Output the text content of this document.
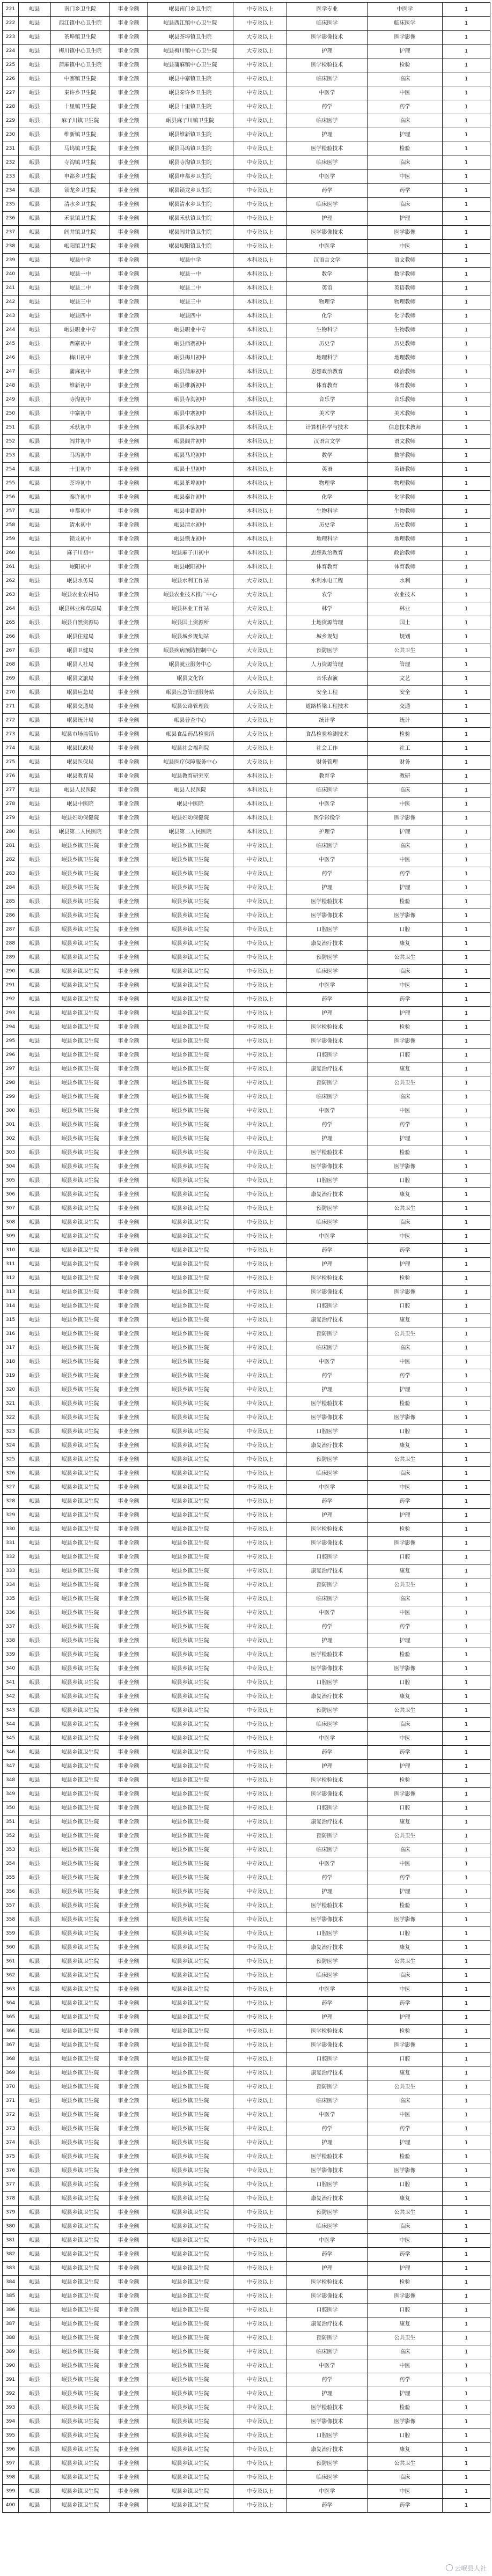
221	岷县	南门乡卫生院	事业全额	岷县南门乡卫生院	中专及以上	医学专业	中医学	1
222	岷县	西江镇中心卫生院	事业全额	岷县西江镇中心卫生院	中专及以上	临床医学	临床医学	1
223	岷县	茶埠镇卫生院	事业全额	岷县茶埠镇卫生院	大专及以上	医学影像技术	医学影像	1
224	岷县	梅川镇中心卫生院	事业全额	岷县梅川镇中心卫生院	大专及以上	护理	护理	1
225	岷县	蒲麻镇中心卫生院	事业全额	岷县蒲麻镇中心卫生院	中专及以上	医学检验技术	检验	1
226	岷县	中寨镇卫生院	事业全额	岷县中寨镇卫生院	中专及以上	临床医学	临床	1
227	岷县	秦许乡卫生院	事业全额	岷县秦许乡卫生院	中专及以上	中医学	中医	1
228	岷县	十里镇卫生院	事业全额	岷县十里镇卫生院	中专及以上	药学	药学	1
229	岷县	麻子川镇卫生院	事业全额	岷县麻子川镇卫生院	中专及以上	临床医学	临床	1
230	岷县	维新镇卫生院	事业全额	岷县维新镇卫生院	中专及以上	护理	护理	1
231	岷县	马坞镇卫生院	事业全额	岷县马坞镇卫生院	中专及以上	医学检验技术	检验	1
232	岷县	寺沟镇卫生院	事业全额	岷县寺沟镇卫生院	中专及以上	临床医学	临床	1
233	岷县	申都乡卫生院	事业全额	岷县申都乡卫生院	中专及以上	中医学	中医	1
234	岷县	锁龙乡卫生院	事业全额	岷县锁龙乡卫生院	中专及以上	药学	药学	1
235	岷县	清水乡卫生院	事业全额	岷县清水乡卫生院	中专及以上	临床医学	临床	1
236	岷县	禾驮镇卫生院	事业全额	岷县禾驮镇卫生院	中专及以上	护理	护理	1
237	岷县	闾井镇卫生院	事业全额	岷县闾井镇卫生院	中专及以上	医学影像技术	医学影像	1
238	岷县	岷阳镇卫生院	事业全额	岷县岷阳镇卫生院	中专及以上	中医学	中医	1
239	岷县	岷县中学	事业全额	岷县中学	本科及以上	汉语言文学	语文教师	1
240	岷县	岷县一中	事业全额	岷县一中	本科及以上	数学	数学教师	1
241	岷县	岷县二中	事业全额	岷县二中	本科及以上	英语	英语教师	1
242	岷县	岷县三中	事业全额	岷县三中	本科及以上	物理学	物理教师	1
243	岷县	岷县四中	事业全额	岷县四中	本科及以上	化学	化学教师	1
244	岷县	岷县职业中专	事业全额	岷县职业中专	本科及以上	生物科学	生物教师	1
245	岷县	西寨初中	事业全额	岷县西寨初中	本科及以上	历史学	历史教师	1
246	岷县	梅川初中	事业全额	岷县梅川初中	本科及以上	地理科学	地理教师	1
247	岷县	蒲麻初中	事业全额	岷县蒲麻初中	本科及以上	思想政治教育	政治教师	1
248	岷县	维新初中	事业全额	岷县维新初中	本科及以上	体育教育	体育教师	1
249	岷县	寺沟初中	事业全额	岷县寺沟初中	本科及以上	音乐学	音乐教师	1
250	岷县	中寨初中	事业全额	岷县中寨初中	本科及以上	美术学	美术教师	1
251	岷县	禾驮初中	事业全额	岷县禾驮初中	本科及以上	计算机科学与技术	信息技术教师	1
252	岷县	闾井初中	事业全额	岷县闾井初中	本科及以上	汉语言文学	语文教师	1
253	岷县	马坞初中	事业全额	岷县马坞初中	本科及以上	数学	数学教师	1
254	岷县	十里初中	事业全额	岷县十里初中	本科及以上	英语	英语教师	1
255	岷县	茶埠初中	事业全额	岷县茶埠初中	本科及以上	物理学	物理教师	1
256	岷县	秦许初中	事业全额	岷县秦许初中	本科及以上	化学	化学教师	1
257	岷县	申都初中	事业全额	岷县申都初中	本科及以上	生物科学	生物教师	1
258	岷县	清水初中	事业全额	岷县清水初中	本科及以上	历史学	历史教师	1
259	岷县	锁龙初中	事业全额	岷县锁龙初中	本科及以上	地理科学	地理教师	1
260	岷县	麻子川初中	事业全额	岷县麻子川初中	本科及以上	思想政治教育	政治教师	1
261	岷县	岷阳初中	事业全额	岷县岷阳初中	本科及以上	体育教育	体育教师	1
262	岷县	岷县水务局	事业全额	岷县水利工作站	大专及以上	水利水电工程	水利	1
263	岷县	岷县农业农村局	事业全额	岷县农业技术推广中心	大专及以上	农学	农业技术	1
264	岷县	岷县林业和草原局	事业全额	岷县林业工作站	大专及以上	林学	林业	1
265	岷县	岷县自然资源局	事业全额	岷县国土资源所	大专及以上	土地资源管理	国土	1
266	岷县	岷县住建局	事业全额	岷县城乡规划站	大专及以上	城乡规划	规划	1
267	岷县	岷县卫健局	事业全额	岷县疾病预防控制中心	大专及以上	预防医学	公共卫生	1
268	岷县	岷县人社局	事业全额	岷县就业服务中心	大专及以上	人力资源管理	管理	1
269	岷县	岷县文旅局	事业全额	岷县文化馆	大专及以上	音乐表演	文艺	1
270	岷县	岷县应急局	事业全额	岷县应急管理服务站	大专及以上	安全工程	安全	1
271	岷县	岷县交通局	事业全额	岷县公路管理段	大专及以上	道路桥梁工程技术	交通	1
272	岷县	岷县统计局	事业全额	岷县普查中心	大专及以上	统计学	统计	1
273	岷县	岷县市场监管局	事业全额	岷县食品药品检验所	大专及以上	食品检验检测技术	检验	1
274	岷县	岷县民政局	事业全额	岷县社会福利院	大专及以上	社会工作	社工	1
275	岷县	岷县医保局	事业全额	岷县医疗保障服务中心	大专及以上	财务管理	财务	1
276	岷县	岷县教育局	事业全额	岷县教育研究室	本科及以上	教育学	教研	1
277	岷县	岷县人民医院	事业全额	岷县人民医院	本科及以上	临床医学	临床	1
278	岷县	岷县中医院	事业全额	岷县中医院	本科及以上	中医学	中医	1
279	岷县	岷县妇幼保健院	事业全额	岷县妇幼保健院	本科及以上	医学影像学	医学影像	1
280	岷县	岷县第二人民医院	事业全额	岷县第二人民医院	本科及以上	护理学	护理	1
281	岷县	岷县乡镇卫生院	事业全额	岷县乡镇卫生院	中专及以上	临床医学	临床	1
282	岷县	岷县乡镇卫生院	事业全额	岷县乡镇卫生院	中专及以上	中医学	中医	1
283	岷县	岷县乡镇卫生院	事业全额	岷县乡镇卫生院	中专及以上	药学	药学	1
284	岷县	岷县乡镇卫生院	事业全额	岷县乡镇卫生院	中专及以上	护理	护理	1
285	岷县	岷县乡镇卫生院	事业全额	岷县乡镇卫生院	中专及以上	医学检验技术	检验	1
286	岷县	岷县乡镇卫生院	事业全额	岷县乡镇卫生院	中专及以上	医学影像技术	医学影像	1
287	岷县	岷县乡镇卫生院	事业全额	岷县乡镇卫生院	中专及以上	口腔医学	口腔	1
288	岷县	岷县乡镇卫生院	事业全额	岷县乡镇卫生院	中专及以上	康复治疗技术	康复	1
289	岷县	岷县乡镇卫生院	事业全额	岷县乡镇卫生院	中专及以上	预防医学	公共卫生	1
290	岷县	岷县乡镇卫生院	事业全额	岷县乡镇卫生院	中专及以上	临床医学	临床	1
291	岷县	岷县乡镇卫生院	事业全额	岷县乡镇卫生院	中专及以上	中医学	中医	1
292	岷县	岷县乡镇卫生院	事业全额	岷县乡镇卫生院	中专及以上	药学	药学	1
293	岷县	岷县乡镇卫生院	事业全额	岷县乡镇卫生院	中专及以上	护理	护理	1
294	岷县	岷县乡镇卫生院	事业全额	岷县乡镇卫生院	中专及以上	医学检验技术	检验	1
295	岷县	岷县乡镇卫生院	事业全额	岷县乡镇卫生院	中专及以上	医学影像技术	医学影像	1
296	岷县	岷县乡镇卫生院	事业全额	岷县乡镇卫生院	中专及以上	口腔医学	口腔	1
297	岷县	岷县乡镇卫生院	事业全额	岷县乡镇卫生院	中专及以上	康复治疗技术	康复	1
298	岷县	岷县乡镇卫生院	事业全额	岷县乡镇卫生院	中专及以上	预防医学	公共卫生	1
299	岷县	岷县乡镇卫生院	事业全额	岷县乡镇卫生院	中专及以上	临床医学	临床	1
300	岷县	岷县乡镇卫生院	事业全额	岷县乡镇卫生院	中专及以上	中医学	中医	1
301	岷县	岷县乡镇卫生院	事业全额	岷县乡镇卫生院	中专及以上	药学	药学	1
302	岷县	岷县乡镇卫生院	事业全额	岷县乡镇卫生院	中专及以上	护理	护理	1
303	岷县	岷县乡镇卫生院	事业全额	岷县乡镇卫生院	中专及以上	医学检验技术	检验	1
304	岷县	岷县乡镇卫生院	事业全额	岷县乡镇卫生院	中专及以上	医学影像技术	医学影像	1
305	岷县	岷县乡镇卫生院	事业全额	岷县乡镇卫生院	中专及以上	口腔医学	口腔	1
306	岷县	岷县乡镇卫生院	事业全额	岷县乡镇卫生院	中专及以上	康复治疗技术	康复	1
307	岷县	岷县乡镇卫生院	事业全额	岷县乡镇卫生院	中专及以上	预防医学	公共卫生	1
308	岷县	岷县乡镇卫生院	事业全额	岷县乡镇卫生院	中专及以上	临床医学	临床	1
309	岷县	岷县乡镇卫生院	事业全额	岷县乡镇卫生院	中专及以上	中医学	中医	1
310	岷县	岷县乡镇卫生院	事业全额	岷县乡镇卫生院	中专及以上	药学	药学	1
311	岷县	岷县乡镇卫生院	事业全额	岷县乡镇卫生院	中专及以上	护理	护理	1
312	岷县	岷县乡镇卫生院	事业全额	岷县乡镇卫生院	中专及以上	医学检验技术	检验	1
313	岷县	岷县乡镇卫生院	事业全额	岷县乡镇卫生院	中专及以上	医学影像技术	医学影像	1
314	岷县	岷县乡镇卫生院	事业全额	岷县乡镇卫生院	中专及以上	口腔医学	口腔	1
315	岷县	岷县乡镇卫生院	事业全额	岷县乡镇卫生院	中专及以上	康复治疗技术	康复	1
316	岷县	岷县乡镇卫生院	事业全额	岷县乡镇卫生院	中专及以上	预防医学	公共卫生	1
317	岷县	岷县乡镇卫生院	事业全额	岷县乡镇卫生院	中专及以上	临床医学	临床	1
318	岷县	岷县乡镇卫生院	事业全额	岷县乡镇卫生院	中专及以上	中医学	中医	1
319	岷县	岷县乡镇卫生院	事业全额	岷县乡镇卫生院	中专及以上	药学	药学	1
320	岷县	岷县乡镇卫生院	事业全额	岷县乡镇卫生院	中专及以上	护理	护理	1
321	岷县	岷县乡镇卫生院	事业全额	岷县乡镇卫生院	中专及以上	医学检验技术	检验	1
322	岷县	岷县乡镇卫生院	事业全额	岷县乡镇卫生院	中专及以上	医学影像技术	医学影像	1
323	岷县	岷县乡镇卫生院	事业全额	岷县乡镇卫生院	中专及以上	口腔医学	口腔	1
324	岷县	岷县乡镇卫生院	事业全额	岷县乡镇卫生院	中专及以上	康复治疗技术	康复	1
325	岷县	岷县乡镇卫生院	事业全额	岷县乡镇卫生院	中专及以上	预防医学	公共卫生	1
326	岷县	岷县乡镇卫生院	事业全额	岷县乡镇卫生院	中专及以上	临床医学	临床	1
327	岷县	岷县乡镇卫生院	事业全额	岷县乡镇卫生院	中专及以上	中医学	中医	1
328	岷县	岷县乡镇卫生院	事业全额	岷县乡镇卫生院	中专及以上	药学	药学	1
329	岷县	岷县乡镇卫生院	事业全额	岷县乡镇卫生院	中专及以上	护理	护理	1
330	岷县	岷县乡镇卫生院	事业全额	岷县乡镇卫生院	中专及以上	医学检验技术	检验	1
331	岷县	岷县乡镇卫生院	事业全额	岷县乡镇卫生院	中专及以上	医学影像技术	医学影像	1
332	岷县	岷县乡镇卫生院	事业全额	岷县乡镇卫生院	中专及以上	口腔医学	口腔	1
333	岷县	岷县乡镇卫生院	事业全额	岷县乡镇卫生院	中专及以上	康复治疗技术	康复	1
334	岷县	岷县乡镇卫生院	事业全额	岷县乡镇卫生院	中专及以上	预防医学	公共卫生	1
335	岷县	岷县乡镇卫生院	事业全额	岷县乡镇卫生院	中专及以上	临床医学	临床	1
336	岷县	岷县乡镇卫生院	事业全额	岷县乡镇卫生院	中专及以上	中医学	中医	1
337	岷县	岷县乡镇卫生院	事业全额	岷县乡镇卫生院	中专及以上	药学	药学	1
338	岷县	岷县乡镇卫生院	事业全额	岷县乡镇卫生院	中专及以上	护理	护理	1
339	岷县	岷县乡镇卫生院	事业全额	岷县乡镇卫生院	中专及以上	医学检验技术	检验	1
340	岷县	岷县乡镇卫生院	事业全额	岷县乡镇卫生院	中专及以上	医学影像技术	医学影像	1
341	岷县	岷县乡镇卫生院	事业全额	岷县乡镇卫生院	中专及以上	口腔医学	口腔	1
342	岷县	岷县乡镇卫生院	事业全额	岷县乡镇卫生院	中专及以上	康复治疗技术	康复	1
343	岷县	岷县乡镇卫生院	事业全额	岷县乡镇卫生院	中专及以上	预防医学	公共卫生	1
344	岷县	岷县乡镇卫生院	事业全额	岷县乡镇卫生院	中专及以上	临床医学	临床	1
345	岷县	岷县乡镇卫生院	事业全额	岷县乡镇卫生院	中专及以上	中医学	中医	1
346	岷县	岷县乡镇卫生院	事业全额	岷县乡镇卫生院	中专及以上	药学	药学	1
347	岷县	岷县乡镇卫生院	事业全额	岷县乡镇卫生院	中专及以上	护理	护理	1
348	岷县	岷县乡镇卫生院	事业全额	岷县乡镇卫生院	中专及以上	医学检验技术	检验	1
349	岷县	岷县乡镇卫生院	事业全额	岷县乡镇卫生院	中专及以上	医学影像技术	医学影像	1
350	岷县	岷县乡镇卫生院	事业全额	岷县乡镇卫生院	中专及以上	口腔医学	口腔	1
351	岷县	岷县乡镇卫生院	事业全额	岷县乡镇卫生院	中专及以上	康复治疗技术	康复	1
352	岷县	岷县乡镇卫生院	事业全额	岷县乡镇卫生院	中专及以上	预防医学	公共卫生	1
353	岷县	岷县乡镇卫生院	事业全额	岷县乡镇卫生院	中专及以上	临床医学	临床	1
354	岷县	岷县乡镇卫生院	事业全额	岷县乡镇卫生院	中专及以上	中医学	中医	1
355	岷县	岷县乡镇卫生院	事业全额	岷县乡镇卫生院	中专及以上	药学	药学	1
356	岷县	岷县乡镇卫生院	事业全额	岷县乡镇卫生院	中专及以上	护理	护理	1
357	岷县	岷县乡镇卫生院	事业全额	岷县乡镇卫生院	中专及以上	医学检验技术	检验	1
358	岷县	岷县乡镇卫生院	事业全额	岷县乡镇卫生院	中专及以上	医学影像技术	医学影像	1
359	岷县	岷县乡镇卫生院	事业全额	岷县乡镇卫生院	中专及以上	口腔医学	口腔	1
360	岷县	岷县乡镇卫生院	事业全额	岷县乡镇卫生院	中专及以上	康复治疗技术	康复	1
361	岷县	岷县乡镇卫生院	事业全额	岷县乡镇卫生院	中专及以上	预防医学	公共卫生	1
362	岷县	岷县乡镇卫生院	事业全额	岷县乡镇卫生院	中专及以上	临床医学	临床	1
363	岷县	岷县乡镇卫生院	事业全额	岷县乡镇卫生院	中专及以上	中医学	中医	1
364	岷县	岷县乡镇卫生院	事业全额	岷县乡镇卫生院	中专及以上	药学	药学	1
365	岷县	岷县乡镇卫生院	事业全额	岷县乡镇卫生院	中专及以上	护理	护理	1
366	岷县	岷县乡镇卫生院	事业全额	岷县乡镇卫生院	中专及以上	医学检验技术	检验	1
367	岷县	岷县乡镇卫生院	事业全额	岷县乡镇卫生院	中专及以上	医学影像技术	医学影像	1
368	岷县	岷县乡镇卫生院	事业全额	岷县乡镇卫生院	中专及以上	口腔医学	口腔	1
369	岷县	岷县乡镇卫生院	事业全额	岷县乡镇卫生院	中专及以上	康复治疗技术	康复	1
370	岷县	岷县乡镇卫生院	事业全额	岷县乡镇卫生院	中专及以上	预防医学	公共卫生	1
371	岷县	岷县乡镇卫生院	事业全额	岷县乡镇卫生院	中专及以上	临床医学	临床	1
372	岷县	岷县乡镇卫生院	事业全额	岷县乡镇卫生院	中专及以上	中医学	中医	1
373	岷县	岷县乡镇卫生院	事业全额	岷县乡镇卫生院	中专及以上	药学	药学	1
374	岷县	岷县乡镇卫生院	事业全额	岷县乡镇卫生院	中专及以上	护理	护理	1
375	岷县	岷县乡镇卫生院	事业全额	岷县乡镇卫生院	中专及以上	医学检验技术	检验	1
376	岷县	岷县乡镇卫生院	事业全额	岷县乡镇卫生院	中专及以上	医学影像技术	医学影像	1
377	岷县	岷县乡镇卫生院	事业全额	岷县乡镇卫生院	中专及以上	口腔医学	口腔	1
378	岷县	岷县乡镇卫生院	事业全额	岷县乡镇卫生院	中专及以上	康复治疗技术	康复	1
379	岷县	岷县乡镇卫生院	事业全额	岷县乡镇卫生院	中专及以上	预防医学	公共卫生	1
380	岷县	岷县乡镇卫生院	事业全额	岷县乡镇卫生院	中专及以上	临床医学	临床	1
381	岷县	岷县乡镇卫生院	事业全额	岷县乡镇卫生院	中专及以上	中医学	中医	1
382	岷县	岷县乡镇卫生院	事业全额	岷县乡镇卫生院	中专及以上	药学	药学	1
383	岷县	岷县乡镇卫生院	事业全额	岷县乡镇卫生院	中专及以上	护理	护理	1
384	岷县	岷县乡镇卫生院	事业全额	岷县乡镇卫生院	中专及以上	医学检验技术	检验	1
385	岷县	岷县乡镇卫生院	事业全额	岷县乡镇卫生院	中专及以上	医学影像技术	医学影像	1
386	岷县	岷县乡镇卫生院	事业全额	岷县乡镇卫生院	中专及以上	口腔医学	口腔	1
387	岷县	岷县乡镇卫生院	事业全额	岷县乡镇卫生院	中专及以上	康复治疗技术	康复	1
388	岷县	岷县乡镇卫生院	事业全额	岷县乡镇卫生院	中专及以上	预防医学	公共卫生	1
389	岷县	岷县乡镇卫生院	事业全额	岷县乡镇卫生院	中专及以上	临床医学	临床	1
390	岷县	岷县乡镇卫生院	事业全额	岷县乡镇卫生院	中专及以上	中医学	中医	1
391	岷县	岷县乡镇卫生院	事业全额	岷县乡镇卫生院	中专及以上	药学	药学	1
392	岷县	岷县乡镇卫生院	事业全额	岷县乡镇卫生院	中专及以上	护理	护理	1
393	岷县	岷县乡镇卫生院	事业全额	岷县乡镇卫生院	中专及以上	医学检验技术	检验	1
394	岷县	岷县乡镇卫生院	事业全额	岷县乡镇卫生院	中专及以上	医学影像技术	医学影像	1
395	岷县	岷县乡镇卫生院	事业全额	岷县乡镇卫生院	中专及以上	口腔医学	口腔	1
396	岷县	岷县乡镇卫生院	事业全额	岷县乡镇卫生院	中专及以上	康复治疗技术	康复	1
397	岷县	岷县乡镇卫生院	事业全额	岷县乡镇卫生院	中专及以上	预防医学	公共卫生	1
398	岷县	岷县乡镇卫生院	事业全额	岷县乡镇卫生院	中专及以上	临床医学	临床	1
399	岷县	岷县乡镇卫生院	事业全额	岷县乡镇卫生院	中专及以上	中医学	中医	1
400	岷县	岷县乡镇卫生院	事业全额	岷县乡镇卫生院	中专及以上	药学	药学	1
云岷县人社
